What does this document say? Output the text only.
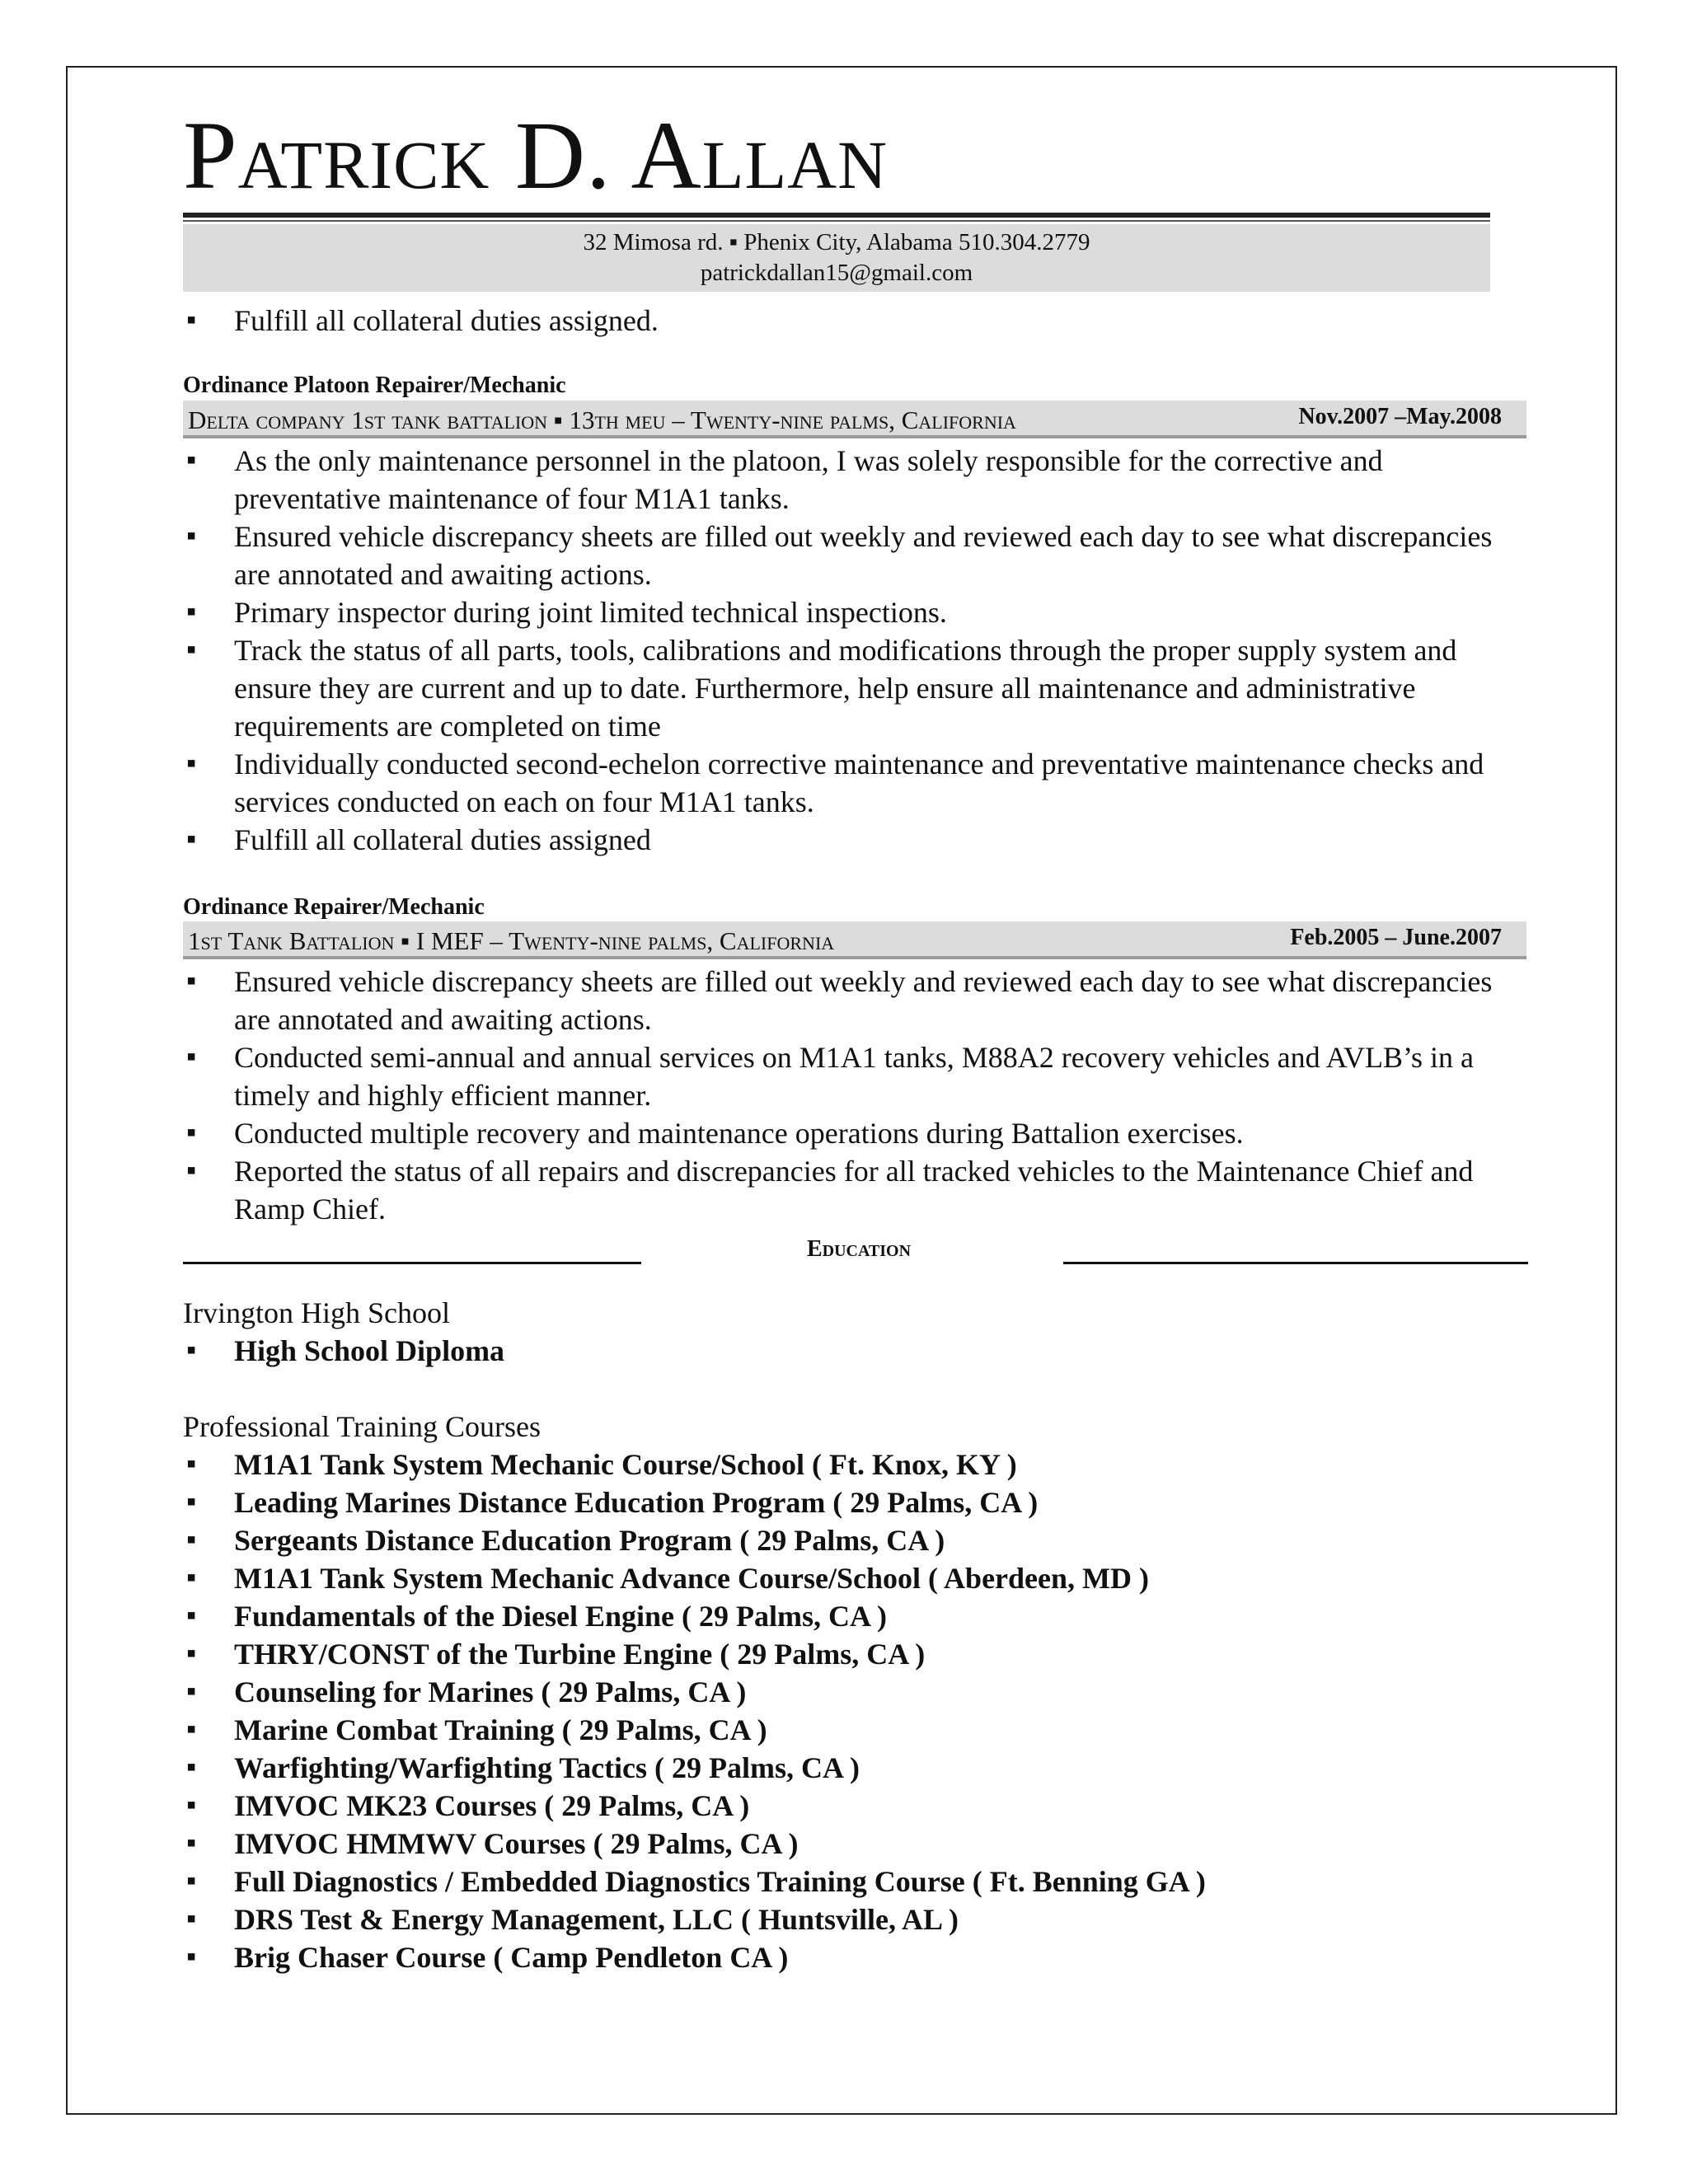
Patrick D. Allan
32 Mimosa rd. ▪ Phenix City, Alabama 510.304.2779
patrickdallan15@gmail.com
▪ Fulfill all collateral duties assigned.
Ordinance Platoon Repairer/Mechanic
Delta company 1st tank battalion ▪ 13th meu – Twenty-nine palms, California	Nov.2007 –May.2008
▪ As the only maintenance personnel in the platoon, I was solely responsible for the corrective and preventative maintenance of four M1A1 tanks.
▪ Ensured vehicle discrepancy sheets are filled out weekly and reviewed each day to see what discrepancies are annotated and awaiting actions.
▪ Primary inspector during joint limited technical inspections.
▪ Track the status of all parts, tools, calibrations and modifications through the proper supply system and ensure they are current and up to date. Furthermore, help ensure all maintenance and administrative requirements are completed on time
▪ Individually conducted second-echelon corrective maintenance and preventative maintenance checks and services conducted on each on four M1A1 tanks.
▪ Fulfill all collateral duties assigned
Ordinance Repairer/Mechanic
1st Tank Battalion ▪ I MEF – Twenty-nine palms, California	Feb.2005 – June.2007
▪ Ensured vehicle discrepancy sheets are filled out weekly and reviewed each day to see what discrepancies are annotated and awaiting actions.
▪ Conducted semi-annual and annual services on M1A1 tanks, M88A2 recovery vehicles and AVLB’s in a timely and highly efficient manner.
▪ Conducted multiple recovery and maintenance operations during Battalion exercises.
▪ Reported the status of all repairs and discrepancies for all tracked vehicles to the Maintenance Chief and Ramp Chief.
Education
Irvington High School
▪ High School Diploma
Professional Training Courses
▪ M1A1 Tank System Mechanic Course/School ( Ft. Knox, KY )
▪ Leading Marines Distance Education Program ( 29 Palms, CA )
▪ Sergeants Distance Education Program ( 29 Palms, CA )
▪ M1A1 Tank System Mechanic Advance Course/School ( Aberdeen, MD )
▪ Fundamentals of the Diesel Engine ( 29 Palms, CA )
▪ THRY/CONST of the Turbine Engine ( 29 Palms, CA )
▪ Counseling for Marines ( 29 Palms, CA )
▪ Marine Combat Training ( 29 Palms, CA )
▪ Warfighting/Warfighting Tactics ( 29 Palms, CA )
▪ IMVOC MK23 Courses ( 29 Palms, CA )
▪ IMVOC HMMWV Courses ( 29 Palms, CA )
▪ Full Diagnostics / Embedded Diagnostics Training Course ( Ft. Benning GA )
▪ DRS Test & Energy Management, LLC ( Huntsville, AL )
▪ Brig Chaser Course ( Camp Pendleton CA )
